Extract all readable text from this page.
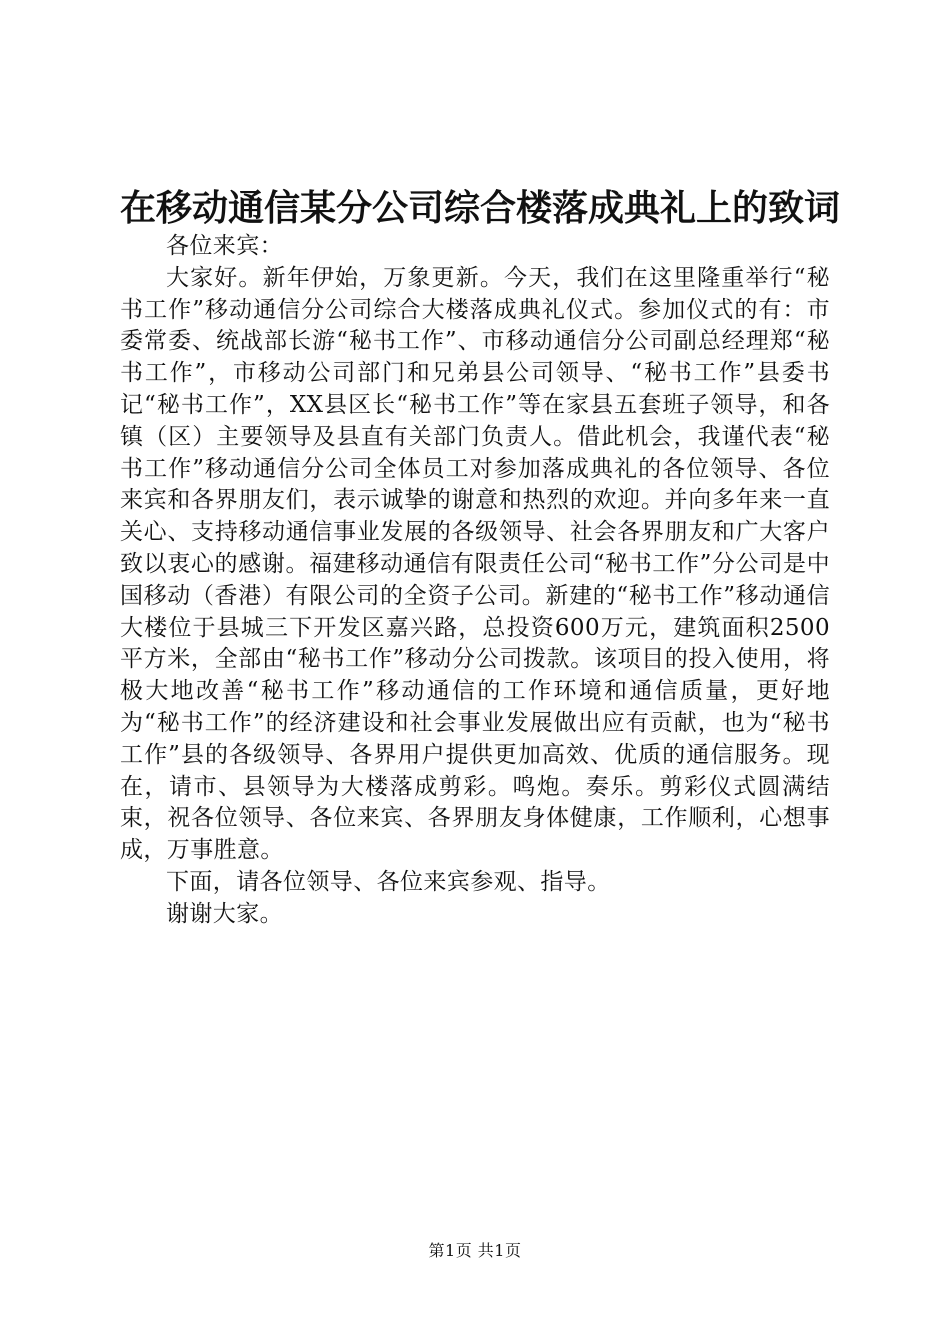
在移动通信某分公司综合楼落成典礼上的致词

各位来宾：

大家好。新年伊始，万象更新。今天，我们在这里隆重举行“秘书工作”移动通信分公司综合大楼落成典礼仪式。参加仪式的有：市委常委、统战部长游“秘书工作”、市移动通信分公司副总经理郑“秘书工作”，市移动公司部门和兄弟县公司领导、“秘书工作”县委书记“秘书工作”，XX县区长“秘书工作”等在家县五套班子领导，和各镇（区）主要领导及县直有关部门负责人。借此机会，我谨代表“秘书工作”移动通信分公司全体员工对参加落成典礼的各位领导、各位来宾和各界朋友们，表示诚挚的谢意和热烈的欢迎。并向多年来一直关心、支持移动通信事业发展的各级领导、社会各界朋友和广大客户致以衷心的感谢。福建移动通信有限责任公司“秘书工作”分公司是中国移动（香港）有限公司的全资子公司。新建的“秘书工作”移动通信大楼位于县城三下开发区嘉兴路，总投资600万元，建筑面积2500平方米，全部由“秘书工作”移动分公司拨款。该项目的投入使用，将极大地改善“秘书工作”移动通信的工作环境和通信质量，更好地为“秘书工作”的经济建设和社会事业发展做出应有贡献，也为“秘书工作”县的各级领导、各界用户提供更加高效、优质的通信服务。现在，请市、县领导为大楼落成剪彩。鸣炮。奏乐。剪彩仪式圆满结束，祝各位领导、各位来宾、各界朋友身体健康，工作顺利，心想事成，万事胜意。

下面，请各位领导、各位来宾参观、指导。

谢谢大家。

第1页 共1页
